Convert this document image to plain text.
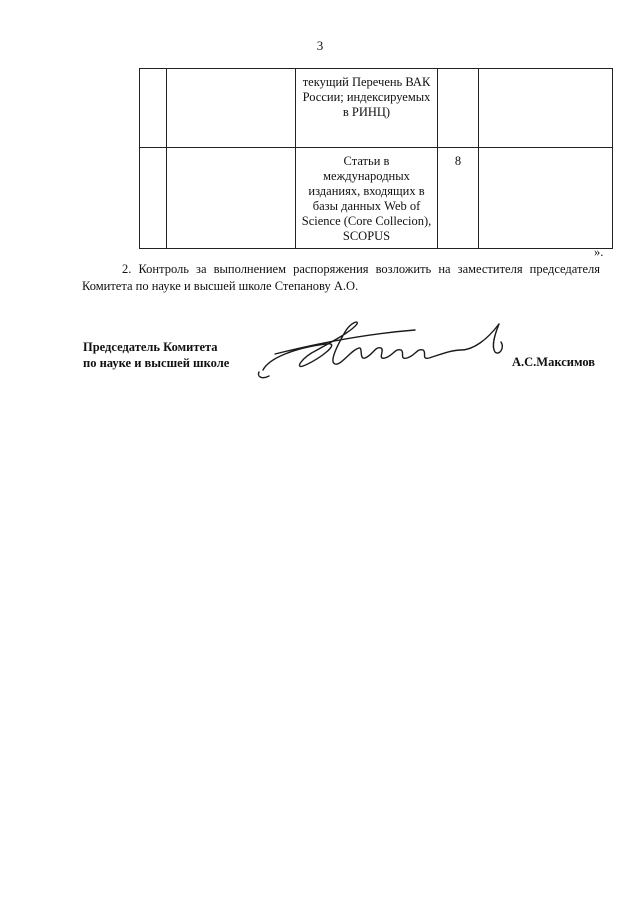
3
		текущий Перечень ВАК России; индексируемых в РИНЦ)		
		Статьи в международных изданиях, входящих в базы данных Web of Science (Core Collecion), SCOPUS	8	
».
2. Контроль за выполнением распоряжения возложить на заместителя председателя Комитета по науке и высшей школе Степанову А.О.
Председатель Комитета
по науке и высшей школе	А.С.Максимов
